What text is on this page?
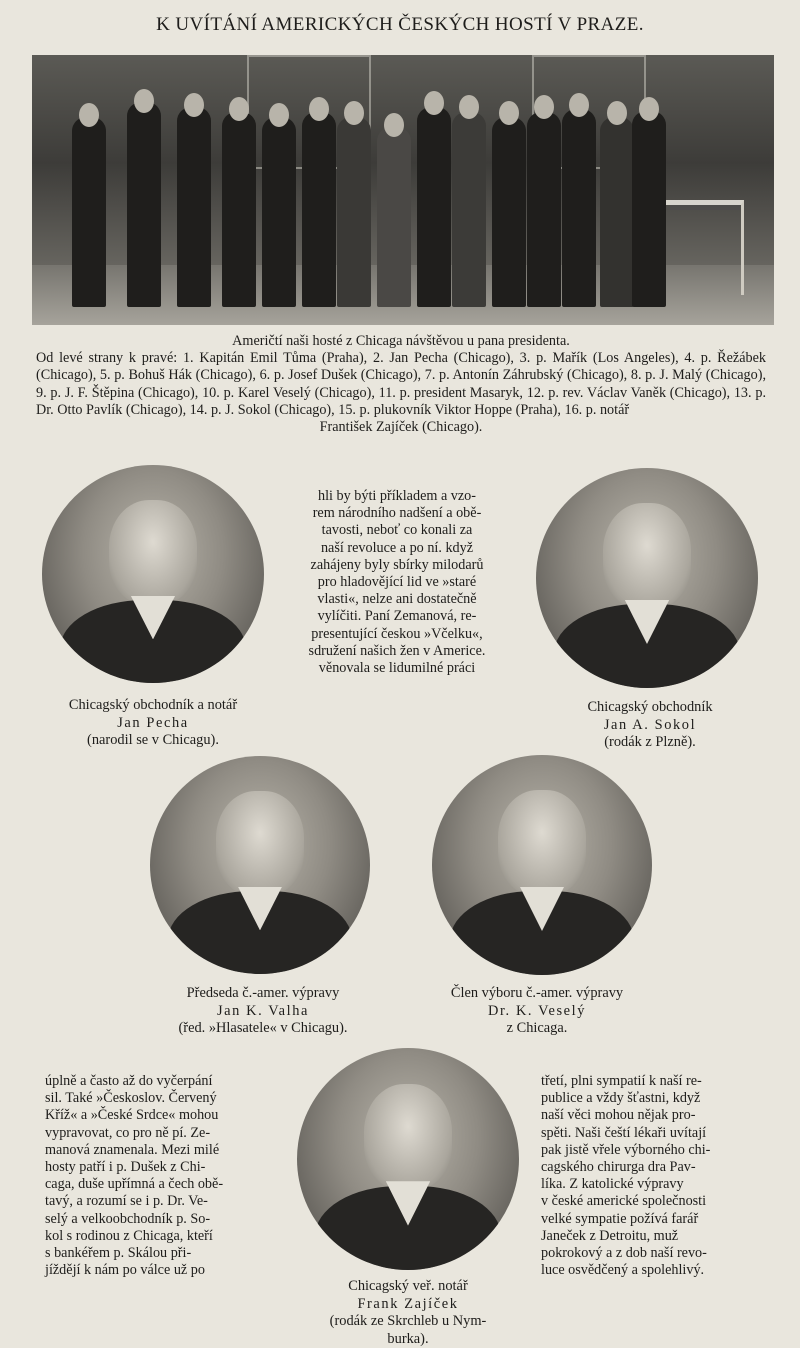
K UVÍTÁNÍ AMERICKÝCH ČESKÝCH HOSTÍ V PRAZE.
Američtí naši hosté z Chicaga návštěvou u pana presidenta.
Od levé strany k pravé: 1. Kapitán Emil Tůma (Praha), 2. Jan Pecha (Chicago), 3. p. Mařík (Los Angeles), 4. p. Řežábek (Chicago), 5. p. Bohuš Hák (Chicago), 6. p. Josef Dušek (Chicago), 7. p. Antonín Záhrubský (Chicago), 8. p. J. Malý (Chicago), 9. p. J. F. Štěpina (Chicago), 10. p. Karel Veselý (Chicago), 11. p. president Masaryk, 12. p. rev. Václav Vaněk (Chicago), 13. p. Dr. Otto Pavlík (Chicago), 14. p. J. Sokol (Chicago), 15. p. plukovník Viktor Hoppe (Praha), 16. p. notář
František Zajíček (Chicago).
Chicagský obchodník a notář
Jan Pecha
(narodil se v Chicagu).
hli by býti příkladem a vzo-
rem národního nadšení a obě-
tavosti, neboť co konali za
naší revoluce a po ní. když
zahájeny byly sbírky milodarů
pro hladovějící lid ve »staré
vlasti«, nelze ani dostatečně
vylíčiti. Paní Zemanová, re-
presentující českou »Včelku«,
sdružení našich žen v Americe.
věnovala se lidumilné práci
Chicagský obchodník
Jan A. Sokol
(rodák z Plzně).
Předseda č.-amer. výpravy
Jan K. Valha
(řed. »Hlasatele« v Chicagu).
Člen výboru č.-amer. výpravy
Dr. K. Veselý
z Chicaga.
úplně a často až do vyčerpání
sil. Také »Českoslov. Červený
Kříž« a »České Srdce« mohou
vypravovat, co pro ně pí. Ze-
manová znamenala. Mezi milé
hosty patří i p. Dušek z Chi-
caga, duše upřímná a čech obě-
tavý, a rozumí se i p. Dr. Ve-
selý a velkoobchodník p. So-
kol s rodinou z Chicaga, kteří
s bankéřem p. Skálou při-
jíždějí k nám po válce už po
Chicagský veř. notář
Frank Zajíček
(rodák ze Skrchleb u Nym-
burka).
třetí, plni sympatií k naší re-
publice a vždy šťastni, když
naší věci mohou nějak pro-
spěti. Naši čeští lékaři uvítají
pak jistě vřele výborného chi-
cagského chirurga dra Pav-
líka. Z katolické výpravy
v české americké společnosti
velké sympatie požívá farář
Janeček z Detroitu, muž
pokrokový a z dob naší revo-
luce osvědčený a spolehlivý.
